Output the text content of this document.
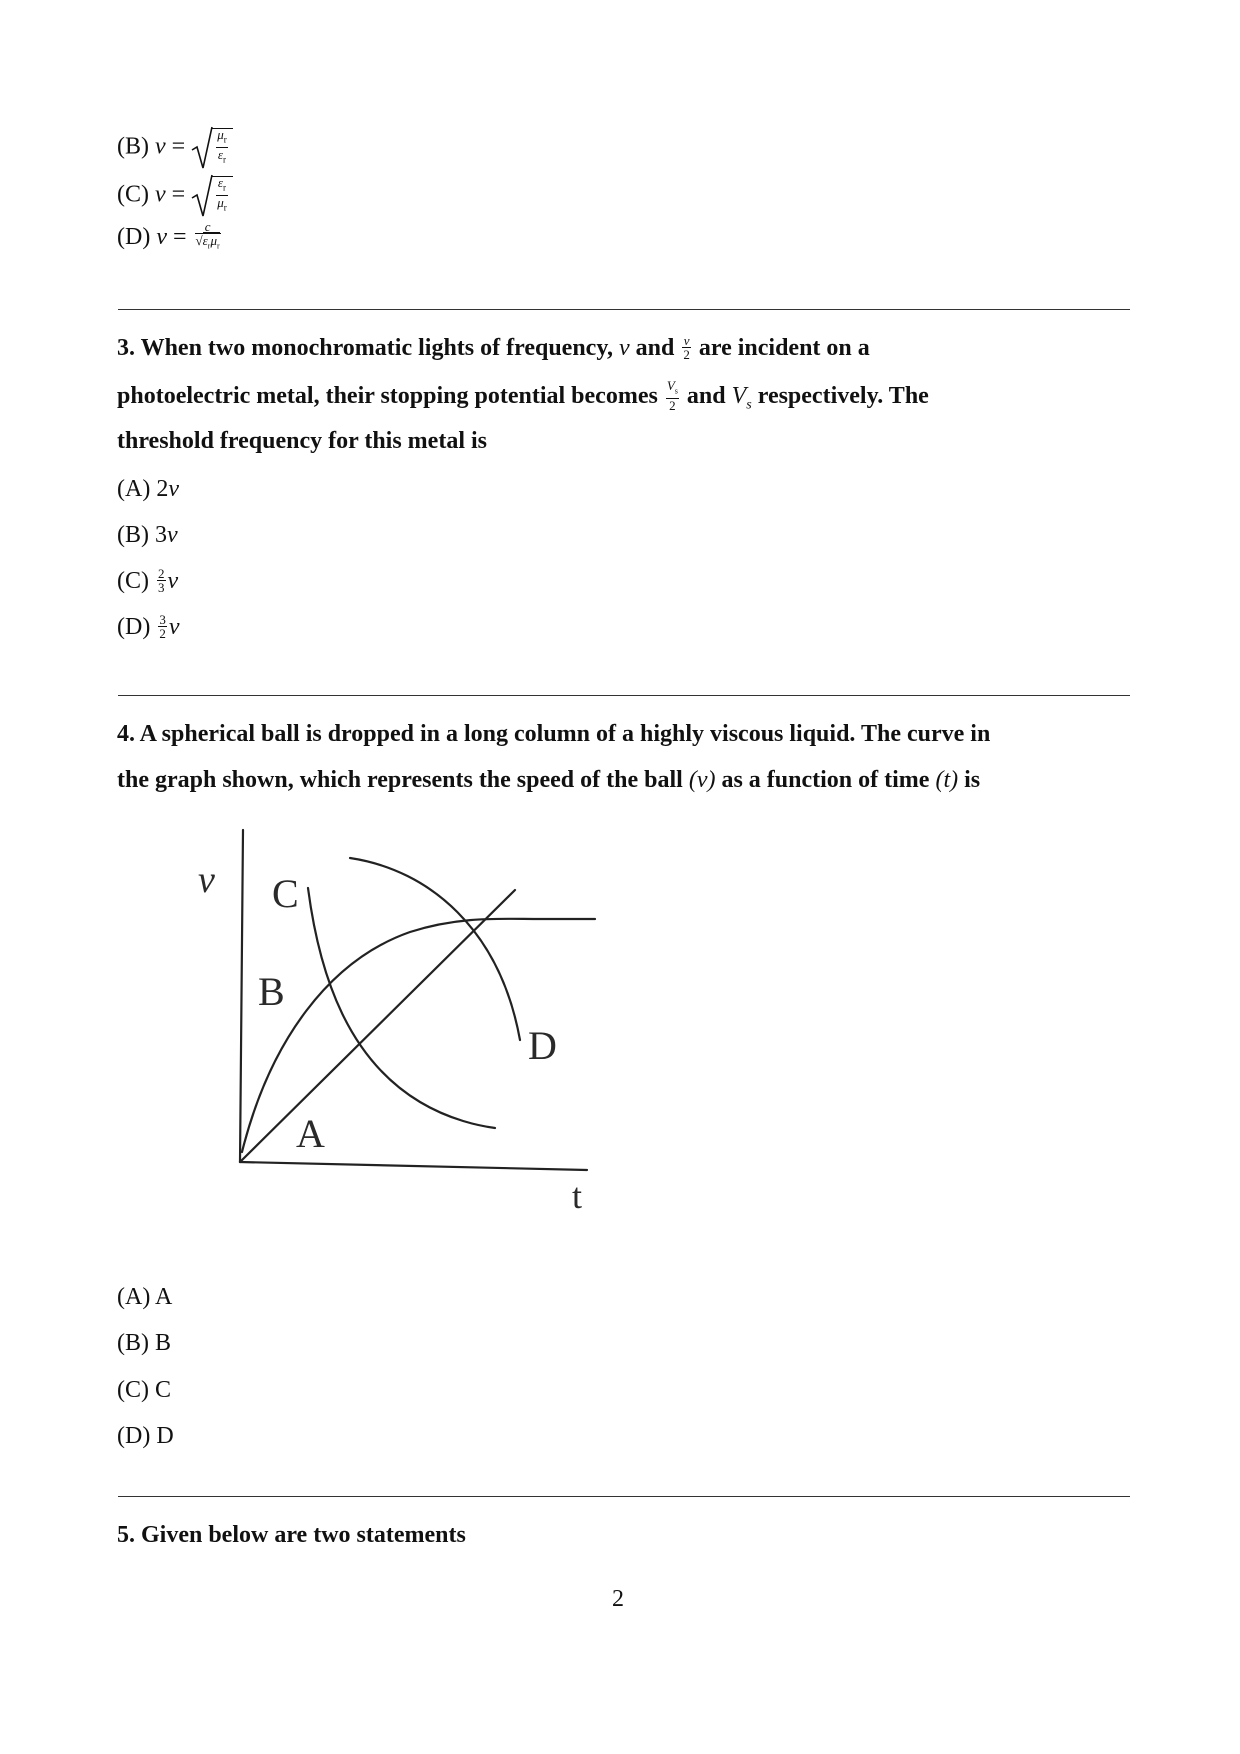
(B) $\nu = \frac{\mu_r}{\varepsilon_r}$
(C) $\nu = \frac{\varepsilon_r}{\mu_r}$
(D) $\nu = \frac{c}{√\varepsilon_r\mu_r}$
3. When two monochromatic lights of frequency, ν and $\frac{\nu}{2}$ are incident on a
photoelectric metal, their stopping potential becomes $\frac{V_s}{2}$ and $V_s$ respectively. The
threshold frequency for this metal is
(A) 2ν
(B) 3ν
$(C) \frac{2}{3}$ ν
$(D) \frac{3}{2}$ ν
4. A spherical ball is dropped in a long column of a highly viscous liquid. The curve in
the graph shown, which represents the speed of the ball (v) as a function of time (t) is
v
t
A
B
C
D
(A) A
(B) B
(C) C
(D) D
5. Given below are two statements
2
